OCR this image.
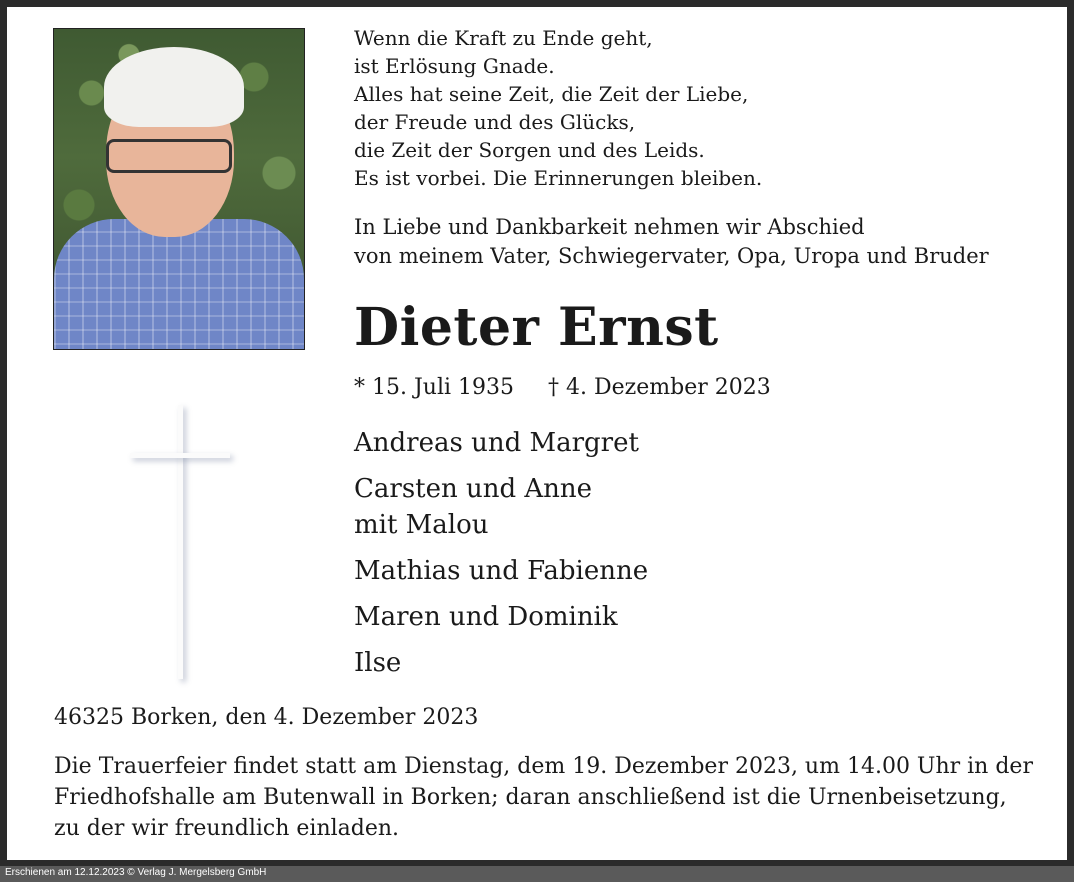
Wenn die Kraft zu Ende geht,
ist Erlösung Gnade.
Alles hat seine Zeit, die Zeit der Liebe,
der Freude und des Glücks,
die Zeit der Sorgen und des Leids.
Es ist vorbei. Die Erinnerungen bleiben.
In Liebe und Dankbarkeit nehmen wir Abschied
von meinem Vater, Schwiegervater, Opa, Uropa und Bruder
Dieter Ernst
* 15. Juli 1935 † 4. Dezember 2023
Andreas und Margret
Carsten und Anne
mit Malou
Mathias und Fabienne
Maren und Dominik
Ilse
46325 Borken, den 4. Dezember 2023
Die Trauerfeier findet statt am Dienstag, dem 19. Dezember 2023, um 14.00 Uhr in der
Friedhofshalle am Butenwall in Borken; daran anschließend ist die Urnenbeisetzung,
zu der wir freundlich einladen.
Erschienen am 12.12.2023 © Verlag J. Mergelsberg GmbH
